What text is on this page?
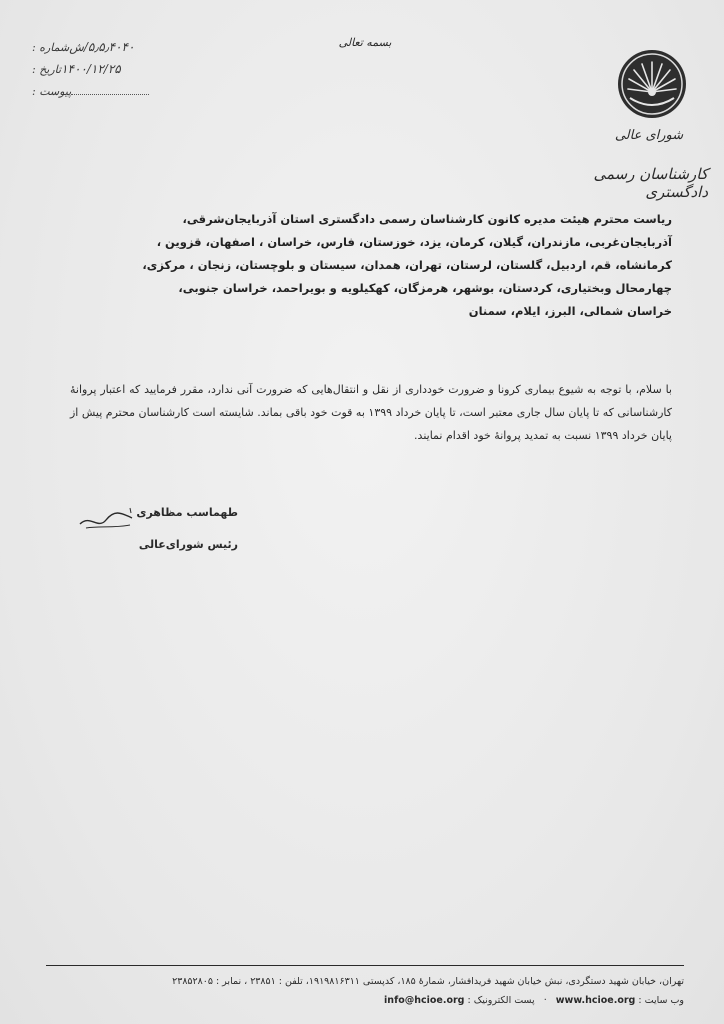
بسمه تعالی
شماره : ۵٫۵٫۴۰۴۰/ش
تاریخ : ۱۴۰۰/۱۲/۲۵
پیوست :
شورای عالی
کارشناسان رسمی دادگستری
ریاست محترم هیئت مدیره کانون کارشناسان رسمی دادگستری استان آذربایجان‌شرقی،
آذربایجان‌غربی، مازندران، گیلان، کرمان، یزد، خوزستان، فارس، خراسان ، اصفهان، قزوین ،
کرمانشاه، قم، اردبیل، گلستان، لرستان، تهران، همدان، سیستان و بلوچستان، زنجان ، مرکزی،
چهارمحال وبختیاری، کردستان، بوشهر، هرمزگان، کهکیلویه و بویراحمد، خراسان جنوبی،
خراسان شمالی، البرز، ایلام، سمنان
با سلام، با توجه به شیوع بیماری کرونا و ضرورت خودداری از نقل و انتقال‌هایی که ضرورت آنی ندارد، مقرر فرمایید که اعتبار پروانهٔ کارشناسانی که تا پایان سال جاری معتبر است، تا پایان خرداد ۱۳۹۹ به قوت خود باقی بماند. شایسته است کارشناسان محترم پیش از پایان خرداد ۱۳۹۹ نسبت به تمدید پروانهٔ خود اقدام نمایند.
طهماسب مظاهری
رئیس شورای‌عالی
تهران، خیابان شهید دستگردی، نبش خیابان شهید فریدافشار، شمارهٔ ۱۸۵، کدپستی ۱۹۱۹۸۱۶۳۱۱، تلفن : ۲۳۸۵۱ ، نمابر : ۲۳۸۵۲۸۰۵
وب سایت : www.hcioe.org · پست الکترونیک : info@hcioe.org
